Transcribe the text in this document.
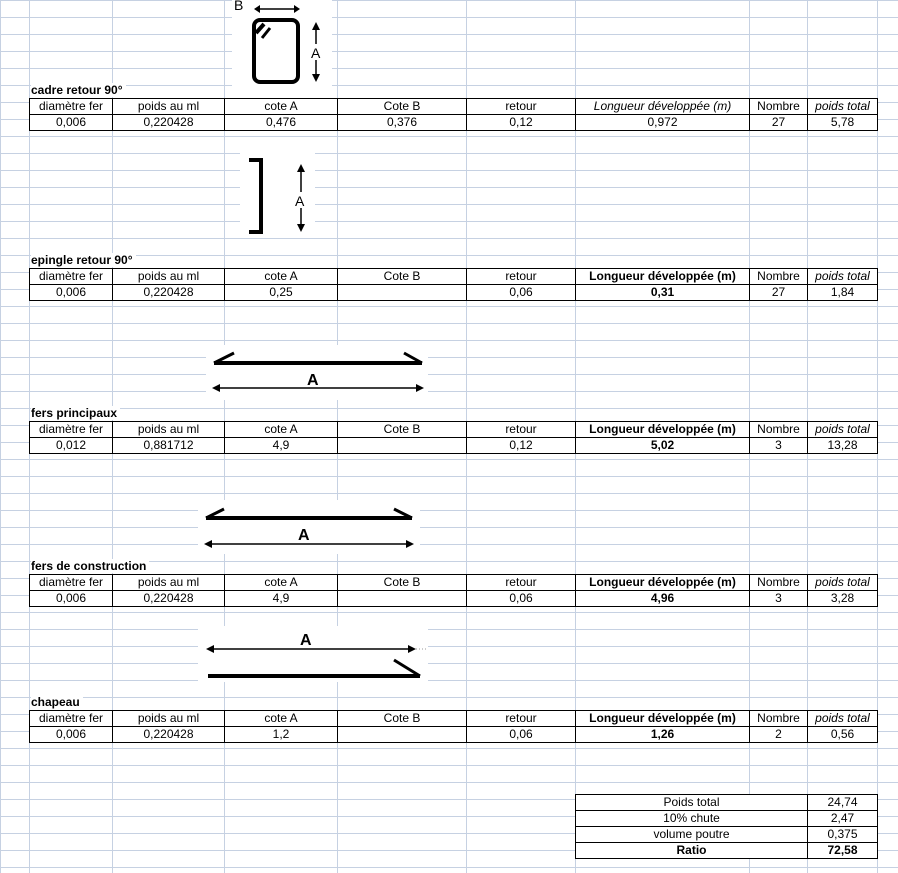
B
A
cadre retour 90°
diamètre fer	poids au ml	cote A	Cote B	retour	Longueur développée (m)	Nombre	poids total
0,006	0,220428	0,476	0,376	0,12	0,972	27	5,78
A
epingle retour 90°
diamètre fer	poids au ml	cote A	Cote B	retour	Longueur développée (m)	Nombre	poids total
0,006	0,220428	0,25		0,06	0,31	27	1,84
A
fers principaux
diamètre fer	poids au ml	cote A	Cote B	retour	Longueur développée (m)	Nombre	poids total
0,012	0,881712	4,9		0,12	5,02	3	13,28
A
fers de construction
diamètre fer	poids au ml	cote A	Cote B	retour	Longueur développée (m)	Nombre	poids total
0,006	0,220428	4,9		0,06	4,96	3	3,28
A
chapeau
diamètre fer	poids au ml	cote A	Cote B	retour	Longueur développée (m)	Nombre	poids total
0,006	0,220428	1,2		0,06	1,26	2	0,56
Poids total	24,74
10% chute	2,47
volume poutre	0,375
Ratio	72,58
